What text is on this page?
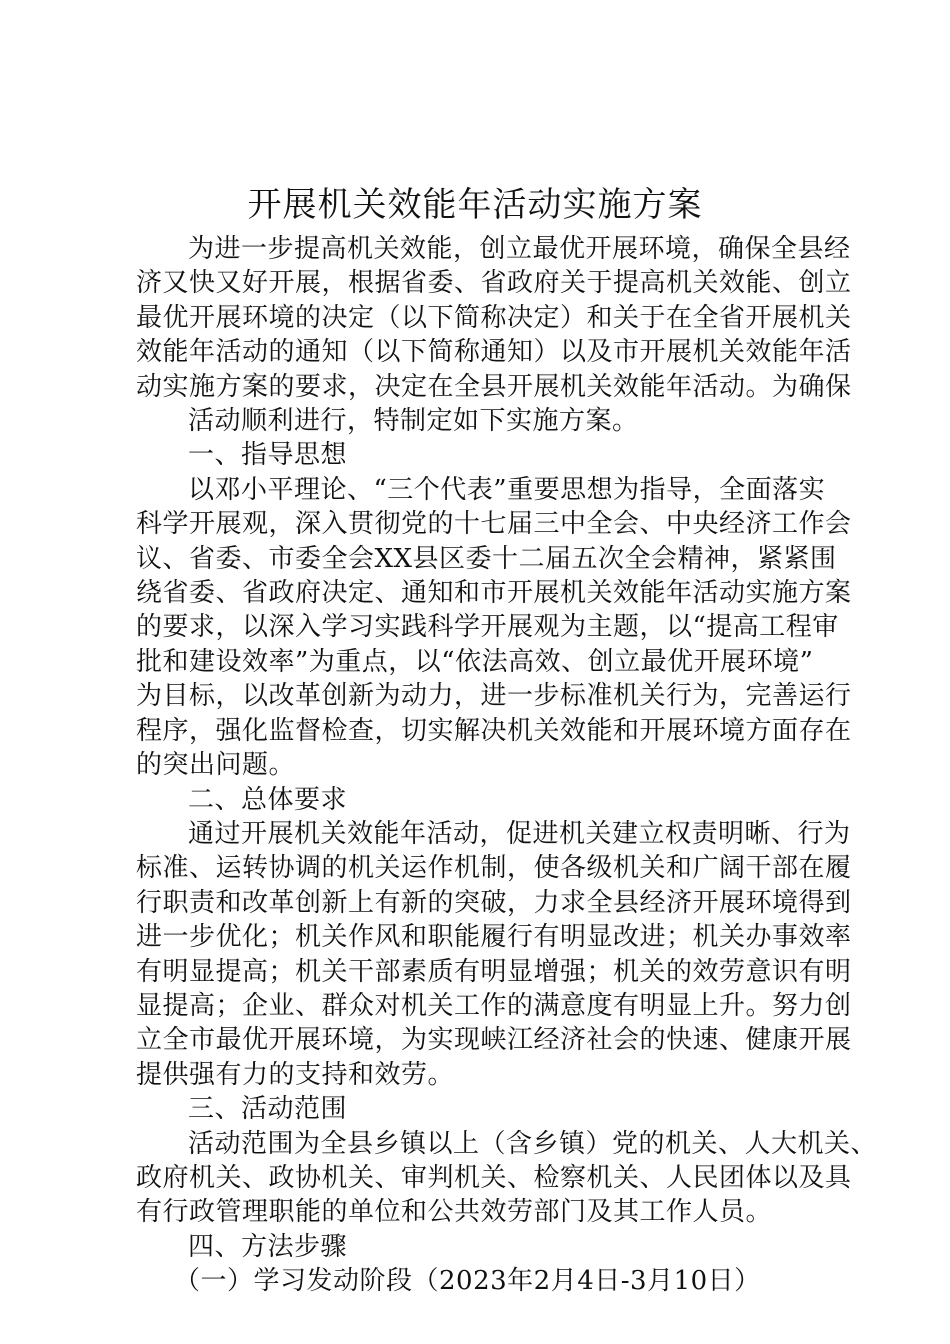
开展机关效能年活动实施方案

为进一步提高机关效能，创立最优开展环境，确保全县经

济又快又好开展，根据省委、省政府关于提高机关效能、创立

最优开展环境的决定（以下简称决定）和关于在全省开展机关

效能年活动的通知（以下简称通知）以及市开展机关效能年活

动实施方案的要求，决定在全县开展机关效能年活动。为确保

活动顺利进行，特制定如下实施方案。

一、指导思想

以邓小平理论、“三个代表”重要思想为指导，全面落实

科学开展观，深入贯彻党的十七届三中全会、中央经济工作会

议、省委、市委全会XX县区委十二届五次全会精神，紧紧围

绕省委、省政府决定、通知和市开展机关效能年活动实施方案

的要求，以深入学习实践科学开展观为主题，以“提高工程审

批和建设效率”为重点，以“依法高效、创立最优开展环境”

为目标，以改革创新为动力，进一步标准机关行为，完善运行

程序，强化监督检查，切实解决机关效能和开展环境方面存在

的突出问题。

二、总体要求

通过开展机关效能年活动，促进机关建立权责明晰、行为

标准、运转协调的机关运作机制，使各级机关和广阔干部在履

行职责和改革创新上有新的突破，力求全县经济开展环境得到

进一步优化；机关作风和职能履行有明显改进；机关办事效率

有明显提高；机关干部素质有明显增强；机关的效劳意识有明

显提高；企业、群众对机关工作的满意度有明显上升。努力创

立全市最优开展环境，为实现峡江经济社会的快速、健康开展

提供强有力的支持和效劳。

三、活动范围

活动范围为全县乡镇以上（含乡镇）党的机关、人大机关、

政府机关、政协机关、审判机关、检察机关、人民团体以及具

有行政管理职能的单位和公共效劳部门及其工作人员。

四、方法步骤

（一）学习发动阶段（2023年2月4日-3月10日）
